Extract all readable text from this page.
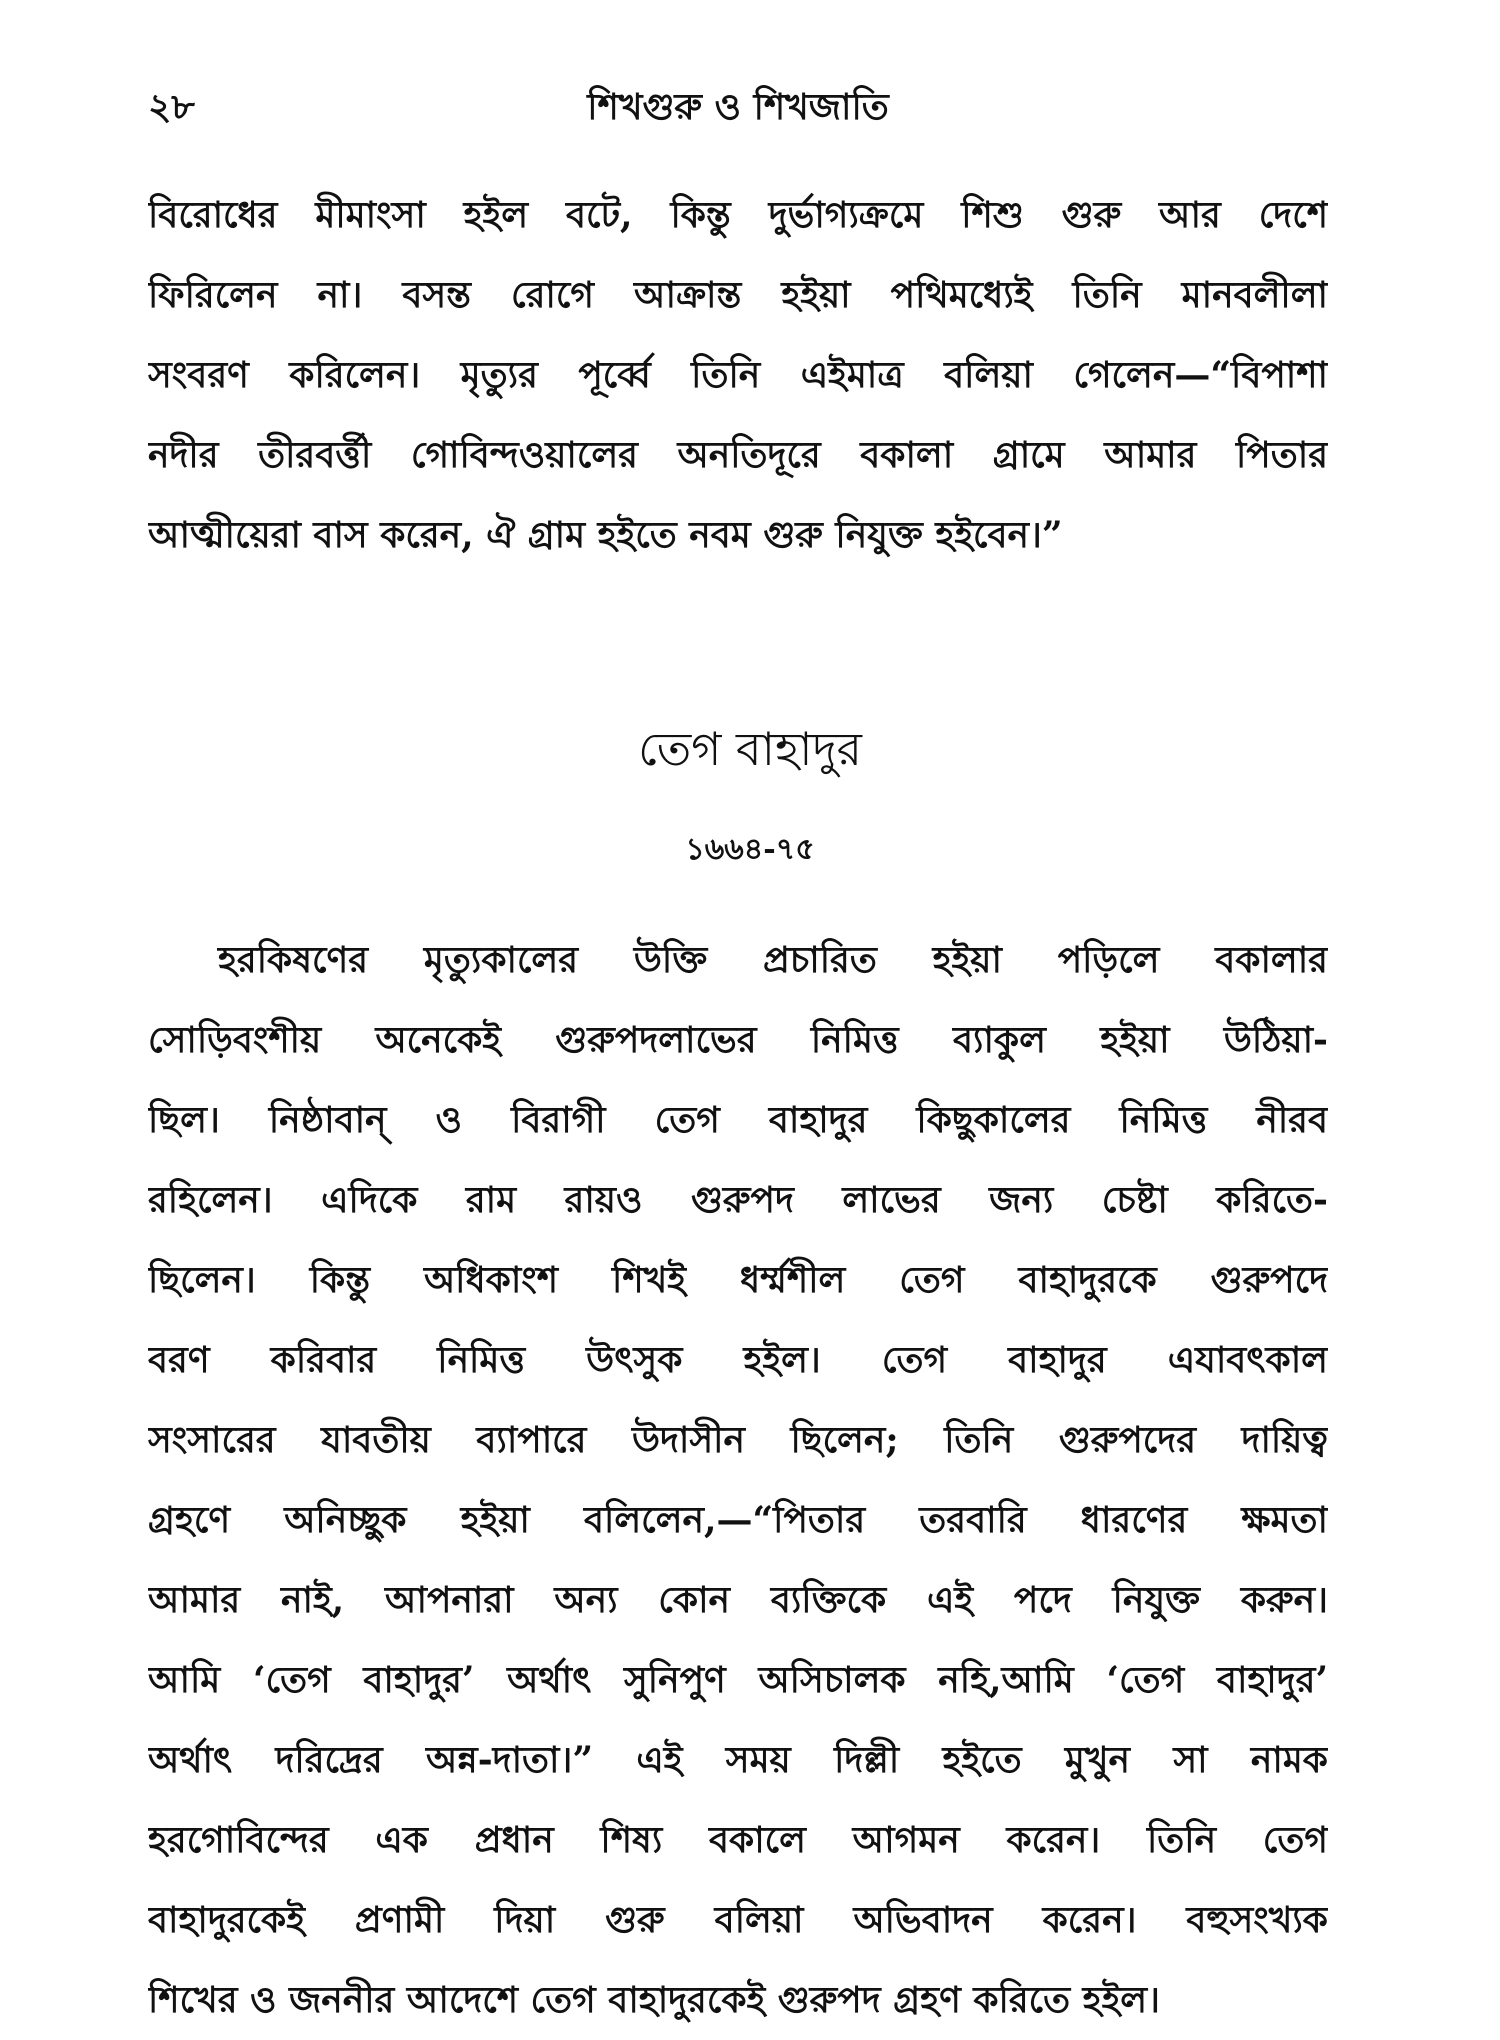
২৮	শিখগুরু ও শিখজাতি
বিরোধের মীমাংসা হইল বটে, কিন্তু দুর্ভাগ্যক্রমে শিশু গুরু আর দেশে
ফিরিলেন না। বসন্ত রোগে আক্রান্ত হইয়া পথিমধ্যেই তিনি মানবলীলা
সংবরণ করিলেন। মৃত্যুর পূর্ব্বে তিনি এইমাত্র বলিয়া গেলেন—“বিপাশা
নদীর তীরবর্ত্তী গোবিন্দওয়ালের অনতিদূরে বকালা গ্রামে আমার পিতার
আত্মীয়েরা বাস করেন, ঐ গ্রাম হইতে নবম গুরু নিযুক্ত হইবেন।”
তেগ বাহাদুর
১৬৬৪-৭৫
হরকিষণের মৃত্যুকালের উক্তি প্রচারিত হইয়া পড়িলে বকালার
সোড়িবংশীয় অনেকেই গুরুপদলাভের নিমিত্ত ব্যাকুল হইয়া উঠিয়া-
ছিল। নিষ্ঠাবান্ ও বিরাগী তেগ বাহাদুর কিছুকালের নিমিত্ত নীরব
রহিলেন। এদিকে রাম রায়ও গুরুপদ লাভের জন্য চেষ্টা করিতে-
ছিলেন। কিন্তু অধিকাংশ শিখই ধর্ম্মশীল তেগ বাহাদুরকে গুরুপদে
বরণ করিবার নিমিত্ত উৎসুক হইল। তেগ বাহাদুর এযাবৎকাল
সংসারের যাবতীয় ব্যাপারে উদাসীন ছিলেন; তিনি গুরুপদের দায়িত্ব
গ্রহণে অনিচ্ছুক হইয়া বলিলেন,—“পিতার তরবারি ধারণের ক্ষমতা
আমার নাই, আপনারা অন্য কোন ব্যক্তিকে এই পদে নিযুক্ত করুন।
আমি ‘তেগ বাহাদুর’ অর্থাৎ সুনিপুণ অসিচালক নহি,আমি ‘তেগ বাহাদুর’
অর্থাৎ দরিদ্রের অন্ন-দাতা।” এই সময় দিল্লী হইতে মুখুন সা নামক
হরগোবিন্দের এক প্রধান শিষ্য বকালে আগমন করেন। তিনি তেগ
বাহাদুরকেই প্রণামী দিয়া গুরু বলিয়া অভিবাদন করেন। বহুসংখ্যক
শিখের ও জননীর আদেশে তেগ বাহাদুরকেই গুরুপদ গ্রহণ করিতে হইল।
